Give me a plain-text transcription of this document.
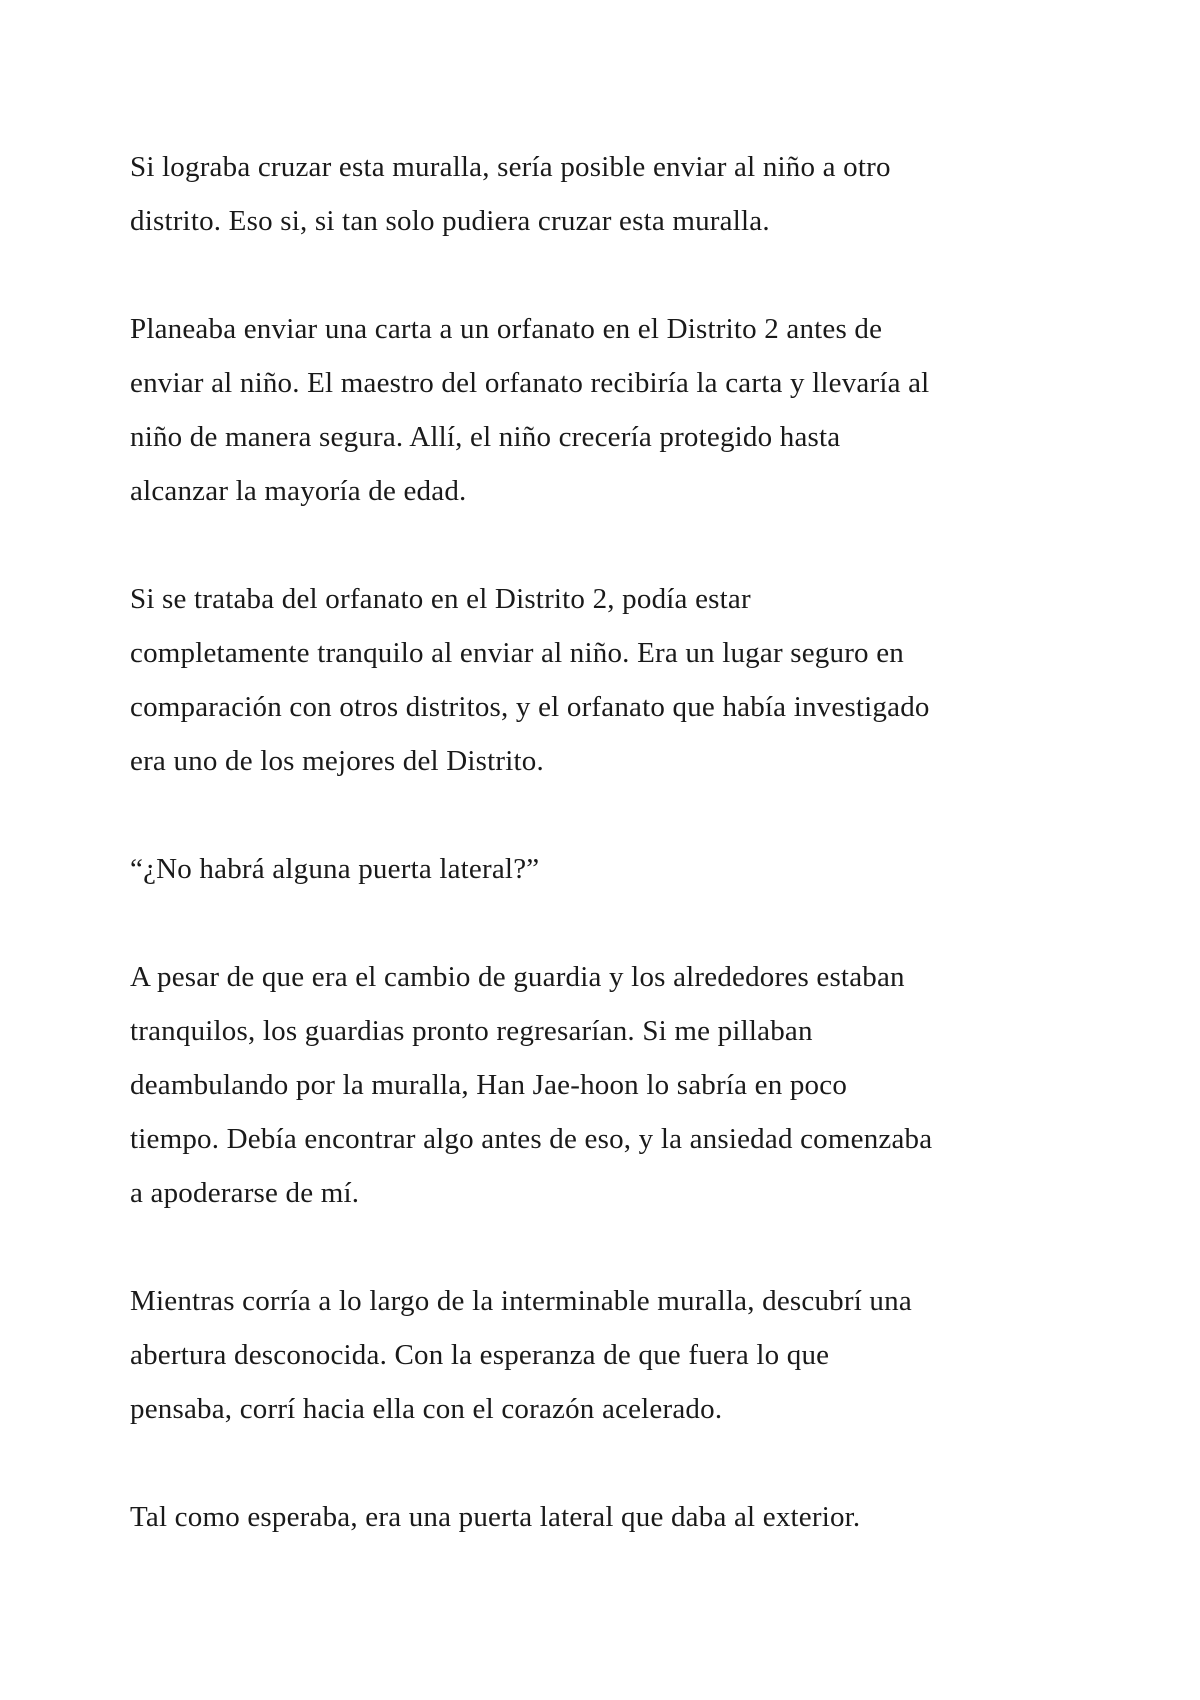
Si lograba cruzar esta muralla, sería posible enviar al niño a otro
distrito. Eso si, si tan solo pudiera cruzar esta muralla.

Planeaba enviar una carta a un orfanato en el Distrito 2 antes de
enviar al niño. El maestro del orfanato recibiría la carta y llevaría al
niño de manera segura. Allí, el niño crecería protegido hasta
alcanzar la mayoría de edad.

Si se trataba del orfanato en el Distrito 2, podía estar
completamente tranquilo al enviar al niño. Era un lugar seguro en
comparación con otros distritos, y el orfanato que había investigado
era uno de los mejores del Distrito.

“¿No habrá alguna puerta lateral?”

A pesar de que era el cambio de guardia y los alrededores estaban
tranquilos, los guardias pronto regresarían. Si me pillaban
deambulando por la muralla, Han Jae-hoon lo sabría en poco
tiempo. Debía encontrar algo antes de eso, y la ansiedad comenzaba
a apoderarse de mí.

Mientras corría a lo largo de la interminable muralla, descubrí una
abertura desconocida. Con la esperanza de que fuera lo que
pensaba, corrí hacia ella con el corazón acelerado.

Tal como esperaba, era una puerta lateral que daba al exterior.
